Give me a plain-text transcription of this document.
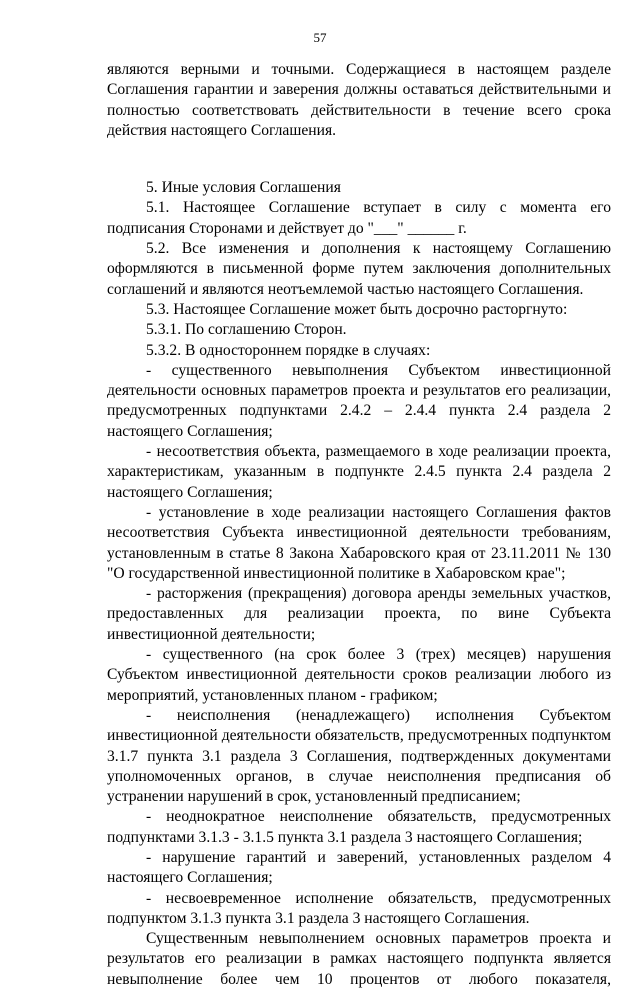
57

являются верными и точными. Содержащиеся в настоящем разделе Соглашения гарантии и заверения должны оставаться действительными и полностью соответствовать действительности в течение всего срока действия настоящего Соглашения.

5. Иные условия Соглашения

5.1. Настоящее Соглашение вступает в силу с момента его подписания Сторонами и действует до "___" ______ г.

5.2. Все изменения и дополнения к настоящему Соглашению оформляются в письменной форме путем заключения дополнительных соглашений и являются неотъемлемой частью настоящего Соглашения.

5.3. Настоящее Соглашение может быть досрочно расторгнуто:

5.3.1. По соглашению Сторон.

5.3.2. В одностороннем порядке в случаях:

- существенного невыполнения Субъектом инвестиционной деятельности основных параметров проекта и результатов его реализации, предусмотренных подпунктами 2.4.2 – 2.4.4 пункта 2.4 раздела 2 настоящего Соглашения;

- несоответствия объекта, размещаемого в ходе реализации проекта, характеристикам, указанным в подпункте 2.4.5 пункта 2.4 раздела 2 настоящего Соглашения;

- установление в ходе реализации настоящего Соглашения фактов несоответствия Субъекта инвестиционной деятельности требованиям, установленным в статье 8 Закона Хабаровского края от 23.11.2011 № 130 "О государственной инвестиционной политике в Хабаровском крае";

- расторжения (прекращения) договора аренды земельных участков, предоставленных для реализации проекта, по вине Субъекта инвестиционной деятельности;

- существенного (на срок более 3 (трех) месяцев) нарушения Субъектом инвестиционной деятельности сроков реализации любого из мероприятий, установленных планом - графиком;

- неисполнения (ненадлежащего) исполнения Субъектом инвестиционной деятельности обязательств, предусмотренных подпунктом 3.1.7 пункта 3.1 раздела 3 Соглашения, подтвержденных документами уполномоченных органов, в случае неисполнения предписания об устранении нарушений в срок, установленный предписанием;

- неоднократное неисполнение обязательств, предусмотренных подпунктами 3.1.3 - 3.1.5 пункта 3.1 раздела 3 настоящего Соглашения;

- нарушение гарантий и заверений, установленных разделом 4 настоящего Соглашения;

- несвоевременное исполнение обязательств, предусмотренных подпунктом 3.1.3 пункта 3.1 раздела 3 настоящего Соглашения.

Существенным невыполнением основных параметров проекта и результатов его реализации в рамках настоящего подпункта является невыполнение более чем 10 процентов от любого показателя,
